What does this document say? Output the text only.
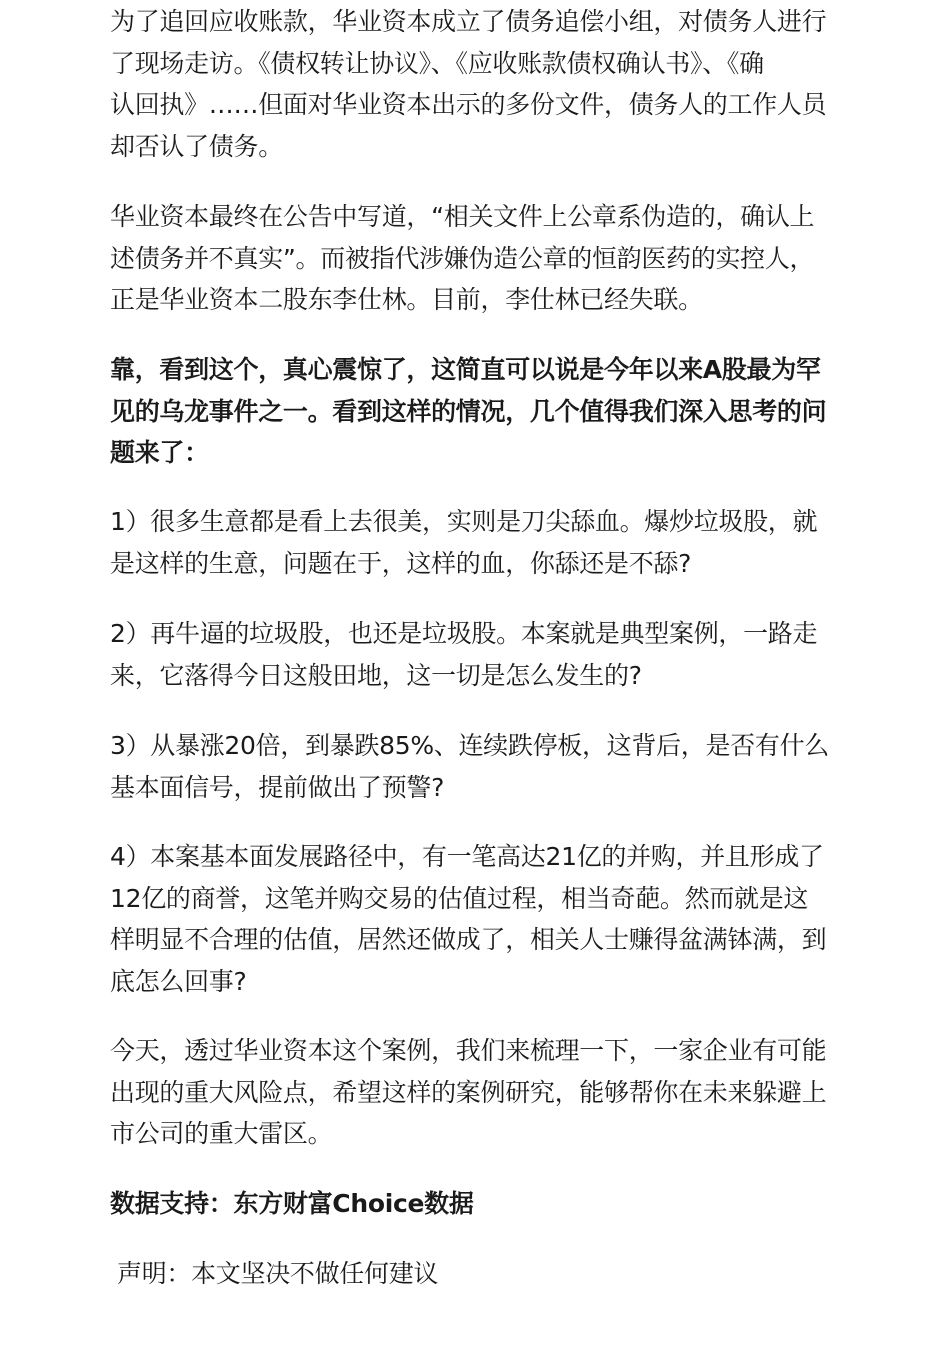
为了追回应收账款，华业资本成立了债务追偿小组，对债务人进行
了现场走访。《债权转让协议》、《应收账款债权确认书》、《确
认回执》……但面对华业资本出示的多份文件，债务人的工作人员
却否认了债务。

华业资本最终在公告中写道，“相关文件上公章系伪造的，确认上
述债务并不真实”。而被指代涉嫌伪造公章的恒韵医药的实控人，
正是华业资本二股东李仕林。目前，李仕林已经失联。

靠，看到这个，真心震惊了，这简直可以说是今年以来A股最为罕
见的乌龙事件之一。看到这样的情况，几个值得我们深入思考的问
题来了：

1）很多生意都是看上去很美，实则是刀尖舔血。爆炒垃圾股，就
是这样的生意，问题在于，这样的血，你舔还是不舔?

2）再牛逼的垃圾股，也还是垃圾股。本案就是典型案例，一路走
来，它落得今日这般田地，这一切是怎么发生的?

3）从暴涨20倍，到暴跌85%、连续跌停板，这背后，是否有什么
基本面信号，提前做出了预警?

4）本案基本面发展路径中，有一笔高达21亿的并购，并且形成了
12亿的商誉，这笔并购交易的估值过程，相当奇葩。然而就是这
样明显不合理的估值，居然还做成了，相关人士赚得盆满钵满，到
底怎么回事?

今天，透过华业资本这个案例，我们来梳理一下，一家企业有可能
出现的重大风险点，希望这样的案例研究，能够帮你在未来躲避上
市公司的重大雷区。

数据支持：东方财富Choice数据

声明：本文坚决不做任何建议
